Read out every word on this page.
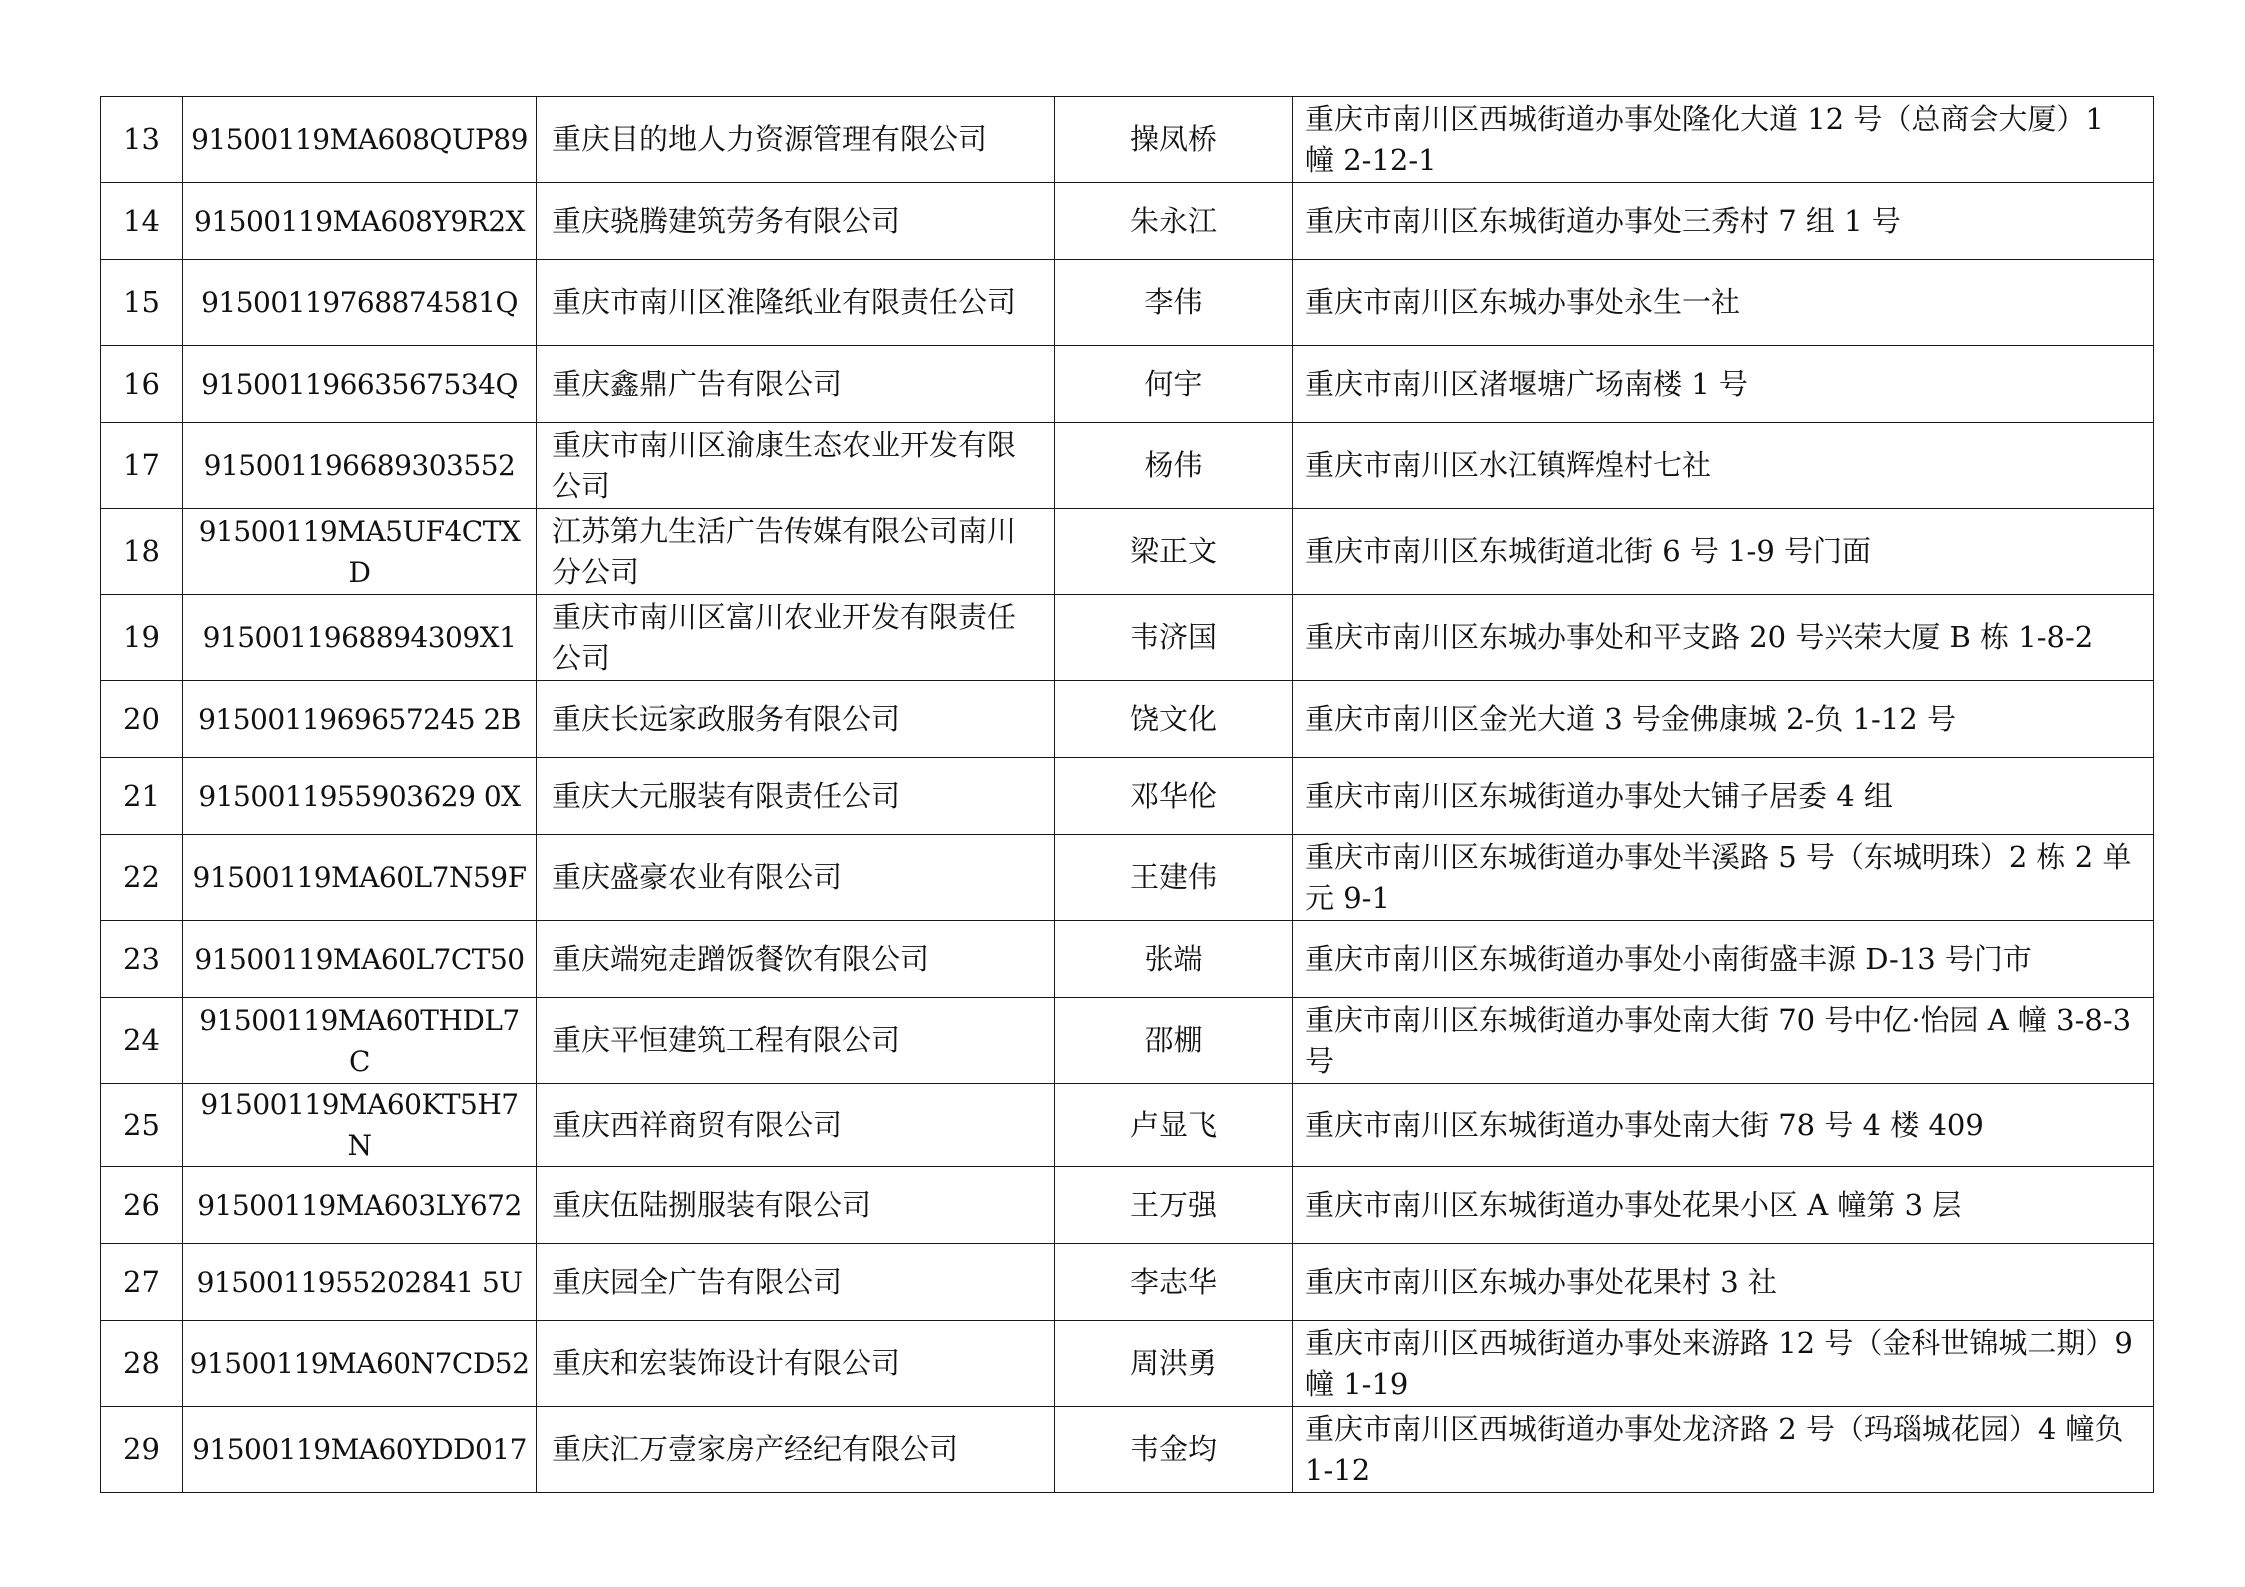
13	91500119MA608QUP89	重庆目的地人力资源管理有限公司	操凤桥	重庆市南川区西城街道办事处隆化大道 12 号（总商会大厦）1 幢 2-12-1
14	91500119MA608Y9R2X	重庆骁腾建筑劳务有限公司	朱永江	重庆市南川区东城街道办事处三秀村 7 组 1 号
15	91500119768874581Q	重庆市南川区淮隆纸业有限责任公司	李伟	重庆市南川区东城办事处永生一社
16	91500119663567534Q	重庆鑫鼎广告有限公司	何宇	重庆市南川区渚堰塘广场南楼 1 号
17	915001196689303552	重庆市南川区渝康生态农业开发有限公司	杨伟	重庆市南川区水江镇辉煌村七社
18	91500119MA5UF4CTXD	江苏第九生活广告传媒有限公司南川分公司	梁正文	重庆市南川区东城街道北街 6 号 1-9 号门面
19	9150011968894309X1	重庆市南川区富川农业开发有限责任公司	韦济国	重庆市南川区东城办事处和平支路 20 号兴荣大厦 B 栋 1-8-2
20	9150011969657245 2B	重庆长远家政服务有限公司	饶文化	重庆市南川区金光大道 3 号金佛康城 2-负 1-12 号
21	9150011955903629 0X	重庆大元服装有限责任公司	邓华伦	重庆市南川区东城街道办事处大铺子居委 4 组
22	91500119MA60L7N59F	重庆盛豪农业有限公司	王建伟	重庆市南川区东城街道办事处半溪路 5 号（东城明珠）2 栋 2 单元 9-1
23	91500119MA60L7CT50	重庆端宛走蹭饭餐饮有限公司	张端	重庆市南川区东城街道办事处小南街盛丰源 D-13 号门市
24	91500119MA60THDL7C	重庆平恒建筑工程有限公司	邵棚	重庆市南川区东城街道办事处南大街 70 号中亿·怡园 A 幢 3-8-3 号
25	91500119MA60KT5H7N	重庆西祥商贸有限公司	卢显飞	重庆市南川区东城街道办事处南大街 78 号 4 楼 409
26	91500119MA603LY672	重庆伍陆捌服装有限公司	王万强	重庆市南川区东城街道办事处花果小区 A 幢第 3 层
27	9150011955202841 5U	重庆园全广告有限公司	李志华	重庆市南川区东城办事处花果村 3 社
28	91500119MA60N7CD52	重庆和宏装饰设计有限公司	周洪勇	重庆市南川区西城街道办事处来游路 12 号（金科世锦城二期）9 幢 1-19
29	91500119MA60YDD017	重庆汇万壹家房产经纪有限公司	韦金均	重庆市南川区西城街道办事处龙济路 2 号（玛瑙城花园）4 幢负 1-12
